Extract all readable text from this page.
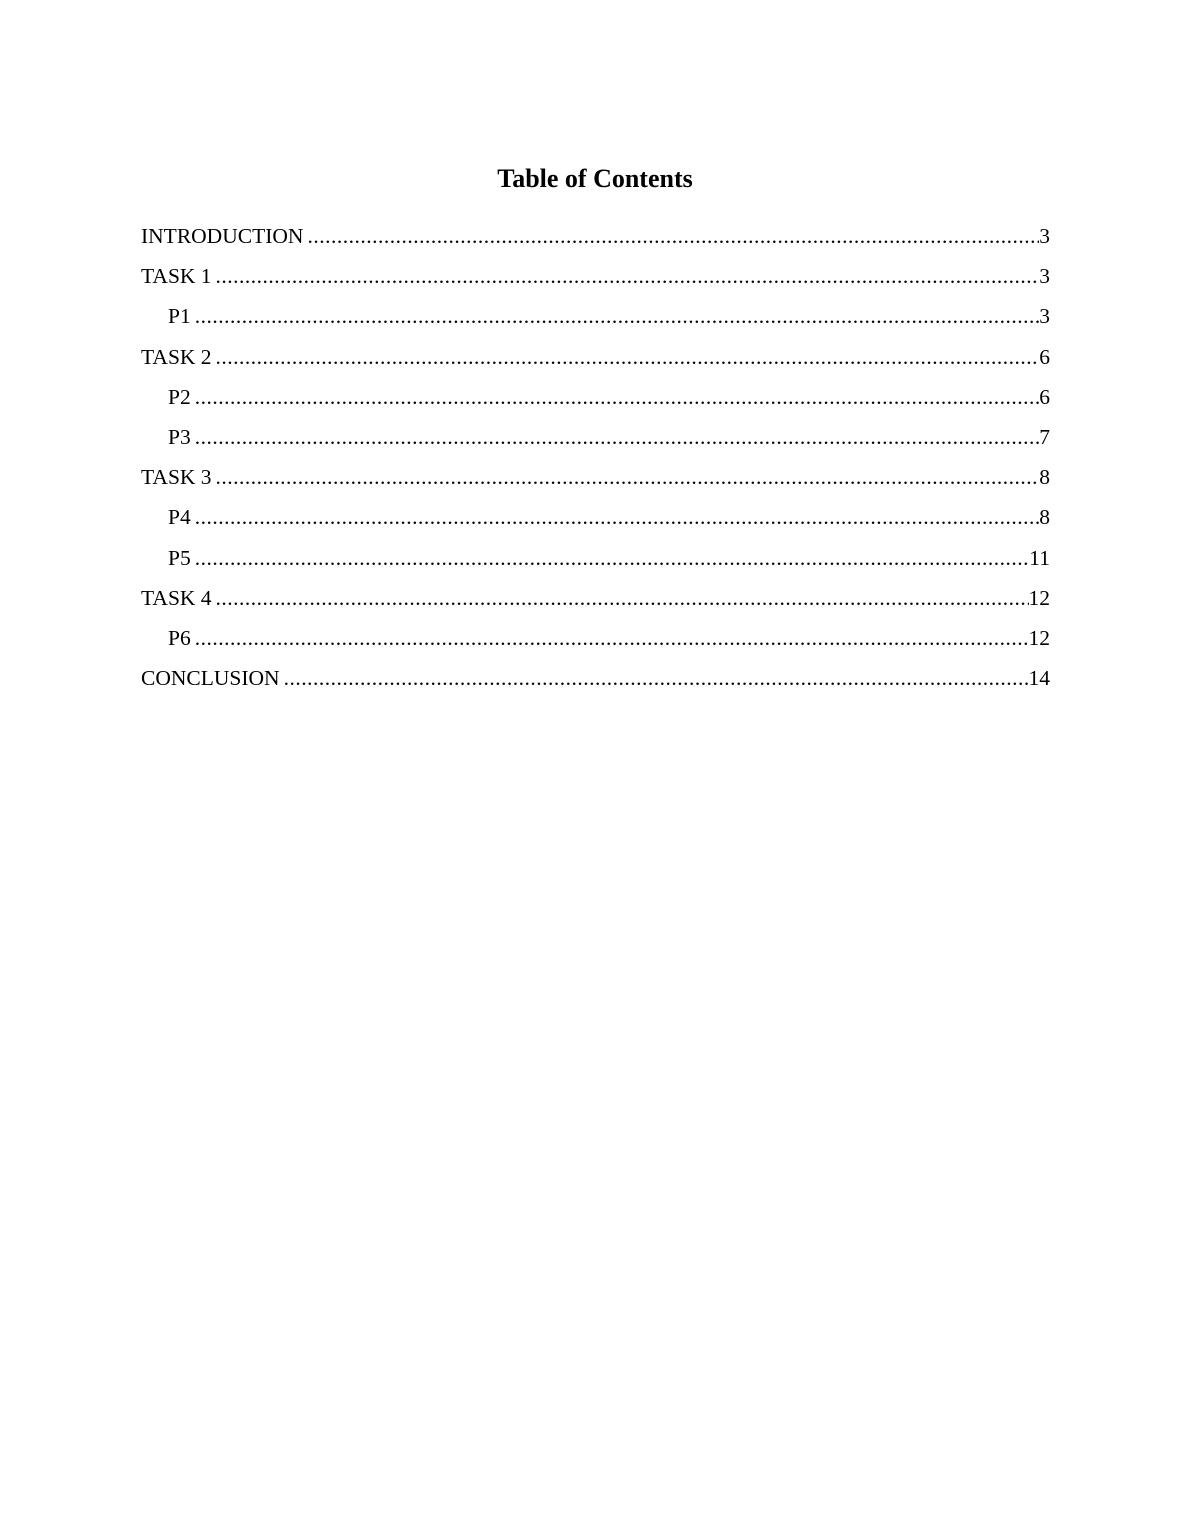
Table of Contents
INTRODUCTION .....	3
TASK 1 .....	3
P1 .....	3
TASK 2 .....	6
P2 .....	6
P3 .....	7
TASK 3 .....	8
P4 .....	8
P5 .....	11
TASK 4 .....	12
P6 .....	12
CONCLUSION .....	14
